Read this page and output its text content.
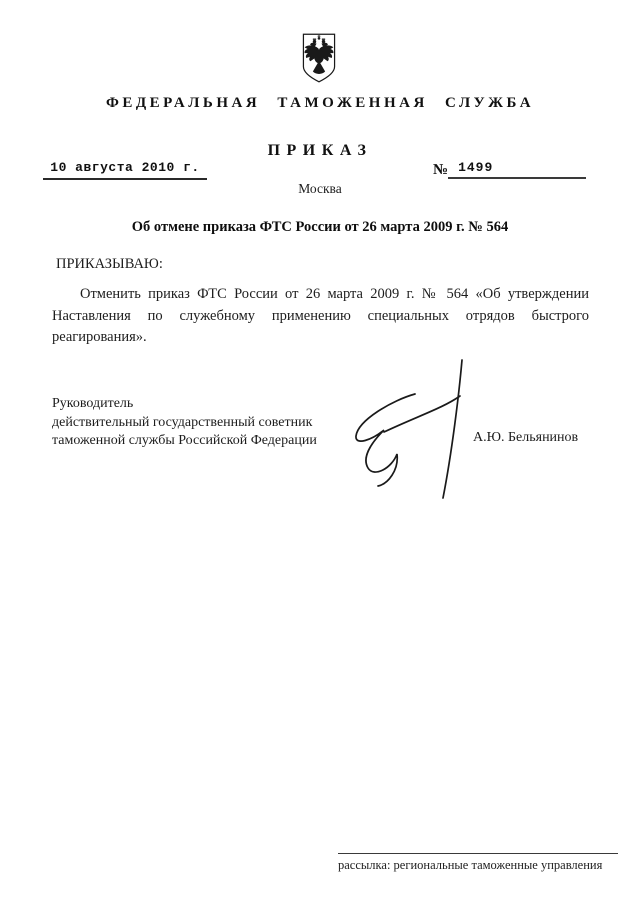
ФЕДЕРАЛЬНАЯ ТАМОЖЕННАЯ СЛУЖБА
ПРИКАЗ
10 августа 2010 г.	№ 1499
Москва
Об отмене приказа ФТС России от 26 марта 2009 г. № 564
ПРИКАЗЫВАЮ:

Отменить приказ ФТС России от 26 марта 2009 г. № 564 «Об утверждении Наставления по служебному применению специальных отрядов быстрого реагирования».

Руководитель
действительный государственный советник
таможенной службы Российской Федерации	А.Ю. Бельянинов
рассылка: региональные таможенные управления
